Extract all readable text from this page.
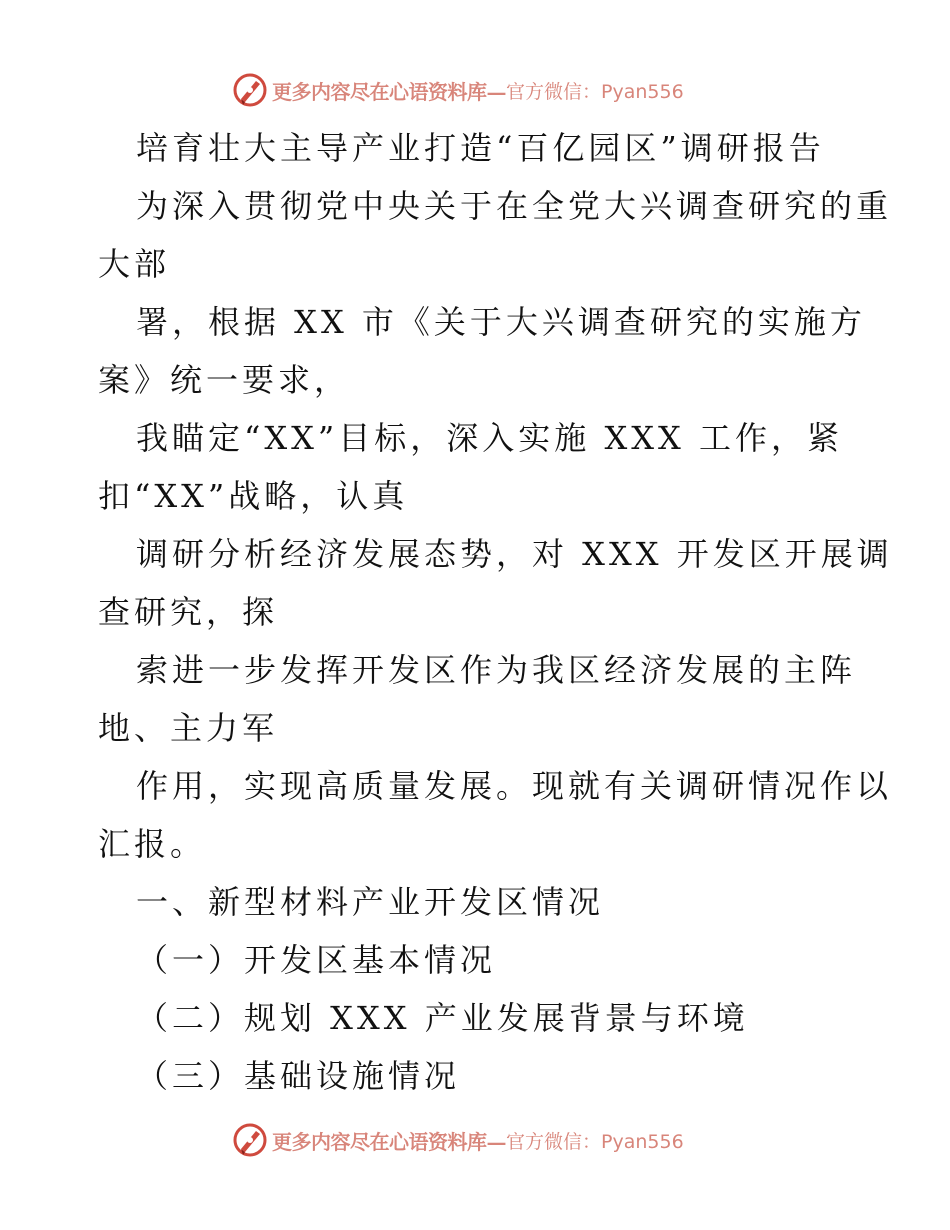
更多内容尽在心语资料库— 官方微信：Pyan556

培育壮大主导产业打造“百亿园区”调研报告

为深入贯彻党中央关于在全党大兴调查研究的重

大部

署，根据 XX 市《关于大兴调查研究的实施方

案》统一要求，

我瞄定“XX”目标，深入实施 XXX 工作，紧

扣“XX”战略，认真

调研分析经济发展态势，对 XXX 开发区开展调

查研究，探

索进一步发挥开发区作为我区经济发展的主阵

地、主力军

作用，实现高质量发展。现就有关调研情况作以

汇报。

一、新型材料产业开发区情况

（一）开发区基本情况

（二）规划 XXX 产业发展背景与环境

（三）基础设施情况

更多内容尽在心语资料库— 官方微信：Pyan556
